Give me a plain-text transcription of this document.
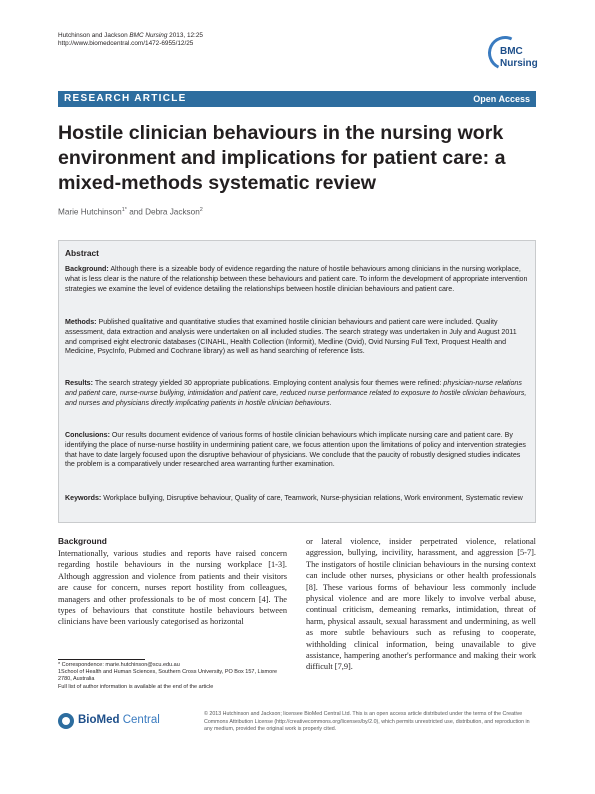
Hutchinson and Jackson BMC Nursing 2013, 12:25
http://www.biomedcentral.com/1472-6955/12/25
BMC
Nursing
RESEARCH ARTICLE	Open Access
Hostile clinician behaviours in the nursing work environment and implications for patient care: a mixed-methods systematic review
Marie Hutchinson$^{1*}$ and Debra Jackson$^2$
Abstract

Background: Although there is a sizeable body of evidence regarding the nature of hostile behaviours among clinicians in the nursing workplace, what is less clear is the nature of the relationship between these behaviours and patient care. To inform the development of appropriate intervention strategies we examine the level of evidence detailing the relationships between hostile clinician behaviours and patient care.

Methods: Published qualitative and quantitative studies that examined hostile clinician behaviours and patient care were included. Quality assessment, data extraction and analysis were undertaken on all included studies. The search strategy was undertaken in July and August 2011 and comprised eight electronic databases (CINAHL, Health Collection (Informit), Medline (Ovid), Ovid Nursing Full Text, Proquest Health and Medicine, PsycInfo, Pubmed and Cochrane library) as well as hand searching of reference lists.

Results: The search strategy yielded 30 appropriate publications. Employing content analysis four themes were refined: physician-nurse relations and patient care, nurse-nurse bullying, intimidation and patient care, reduced nurse performance related to exposure to hostile clinician behaviours, and nurses and physicians directly implicating patients in hostile clinician behaviours.

Conclusions: Our results document evidence of various forms of hostile clinician behaviours which implicate nursing care and patient care. By identifying the place of nurse-nurse hostility in undermining patient care, we focus attention upon the limitations of policy and intervention strategies that have to date largely focused upon the disruptive behaviour of physicians. We conclude that the paucity of robustly designed studies indicates the problem is a comparatively under researched area warranting further examination.

Keywords: Workplace bullying, Disruptive behaviour, Quality of care, Teamwork, Nurse-physician relations, Work environment, Systematic review

Background

Internationally, various studies and reports have raised concern regarding hostile behaviours in the nursing workplace [1-3]. Although aggression and violence from patients and their visitors are cause for concern, nurses report hostility from colleagues, managers and other professionals to be of most concern [4]. The types of behaviours that constitute hostile behaviours between clinicians have been variously categorised as horizontal

or lateral violence, insider perpetrated violence, relational aggression, bullying, incivility, harassment, and aggression [5-7]. The instigators of hostile clinician behaviours in the nursing context can include other nurses, physicians or other health professionals [8]. These various forms of behaviour less commonly include physical violence and are more likely to involve verbal abuse, continual criticism, demeaning remarks, intimidation, threat of harm, physical assault, sexual harassment and undermining, as well as more subtle behaviours such as refusing to cooperate, withholding clinical information, being unavailable to give assistance, hampering another's performance and making their work difficult [7,9].

* Correspondence: marie.hutchinson@scu.edu.au
1School of Health and Human Sciences, Southern Cross University, PO Box 157, Lismore 2780, Australia
Full list of author information is available at the end of the article
BioMed Central	© 2013 Hutchinson and Jackson; licensee BioMed Central Ltd. This is an open access article distributed under the terms of the Creative Commons Attribution License (http://creativecommons.org/licenses/by/2.0), which permits unrestricted use, distribution, and reproduction in any medium, provided the original work is properly cited.
